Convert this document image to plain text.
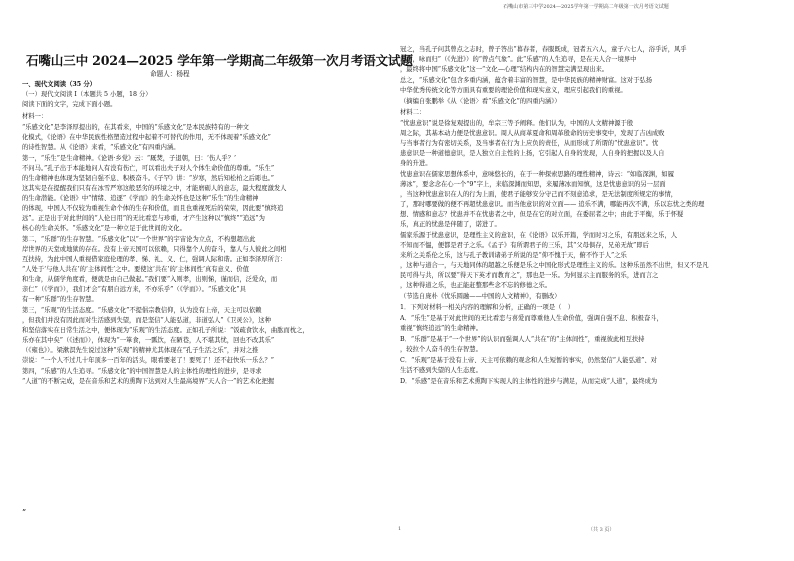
石嘴山市第三中学2024—2025学年第一学期高二年级第一次月考语文试题
石嘴山三中 2024—2025 学年第一学期高二年级第一次月考语文试题
命题人：杨程
一、现代文阅读（35 分）
（一）现代文阅读 I（本题共 5 小题，18 分）
阅读下面的文字，完成下面小题。
材料一：
“乐感文化”是李泽厚提出的，在其看来，中国的“乐感文化”是本民族特有的一种文
化模式，《论语》在中华民族性格塑造过程中起着不可替代的作用，无不体现着“乐感文化”
的诗性智慧。从《论语》来看，“乐感文化”有四重内涵。
第一，“乐生”是生命精神。《论语·乡党》云：“厩焚，子退朝，曰：‘伤人乎？’
不问马。”孔子出于本能地问人有没有伤亡，可以看出夫子对人个体生命价值的尊重。“乐生”
的生命精神也体现为坚韧自强不息、积极奋斗。《子罕》讲：“岁寒，然后知松柏之后彫也。”
这其实是在提醒我们只有在冰雪严寒这般恶劣的环境之中，才能磨砺人的意志，最大程度激发人
的生命潜能。《论语》中“情绪、追逐”《学而》的生命关怀也是这种“乐生”的生命精神
的体现，中国人不仅较为重视生命个体的生存和价值，而且也重视死后的荣荣，因此要“慎终追
远”。正是出于对此世间的“人伦日用”的无比看恋与珍重，才产生这种以“慎终”“追远”为
核心的生命关怀。“乐感文化”是一种立足于此世间的文化。
第二，“乐群”的生存智慧。“乐感文化”以“一个世界”的宇宙论为立点，不构想超出此
岸世界的天堂或地狱的存在。没有上帝天国可以依赖，只得靠个人的奋斗，靠人与人彼此之间相
互扶持，为此中国人重视借家庭伦理的孝、悌、礼、义、仁，强调人际和谐。正如李泽厚所言：
“人处于‘与他人共在’的‘主体间性’之中。要使这‘共在’的‘主体间性’真有意义、价值
和生命，从儒学角度看，便就是由自己做起。”我们要“入则孝，出则悌，谨而信，泛爱众，而
亲仁”（《学而》），我们才会“有朋自远方来，不亦乐乎”（《学而》）。“乐感文化”具
有一种“乐群”的生存智慧。
第三，“乐观”的生活态度。“乐感文化”不提倡宗教信仰，认为没有上帝，天主可以依赖
，但我们并没有因此而对生活感到失望，而是坚信“人能弘道，非道弘人”《卫灵公》，这种
和坚信落实在日常生活之中，便体现为“乐观”的生活态度。正如孔子所说：“饭疏食饮水，曲肱而枕之，
乐亦在其中矣”（《述而》），体现为“一箪食，一瓢饮，在陋巷，人不堪其忧，回也不改其乐”
（《雍也》）。梁漱溟先生说过这种“乐观”的精神尤其体现在“孔子生活之乐”，并对之推
崇说：“一个人不过几十年顶多一百年的活头，眼看要老了！要死了！还不赶快乐一乐么？”
第四，“乐感”的人生追寻。“乐感文化”的中国智慧是人的主体性的理性的进步，是寻求
“人道”的不断完成，是在音乐和艺术的熏陶下达到对人生最高境界“天人合一”的艺术化把握
冠之，当孔子问其曾点之志时，曾子答出“暮春者，春服既成，冠者五六人，童子六七人，浴乎沂，风乎
舞雩，咏而归”（《先进》）的“曾点气象”。此“乐感”的人生追寻，是在天人合一境界中
，最终将中国“乐感文化”这一“文化—心理”结构内在的智慧完满呈现出来。
总之，“乐感文化”包含多重内涵，蕴含着丰富的智慧，是中华民族的精神财富。这对于弘扬
中华优秀传统文化等方面具有重要的理论价值和现实意义，理应引起我们的重视。
（摘编自张鹏举《从〈论语〉看“乐感文化”的四重内涵》）
材料二：
“忧患意识”说是徐复观提出的，牟宗三等予阐释。他们认为，中国的人文精神源于殷
周之际，其基本动力便是忧患意识。周人从商革夏命和周革殷命的历史事变中，发现了吉凶成败
与当事者行为有密切关系，及当事者在行为上应负的责任，从而形成了所谓的“忧患意识”。忧
患意识是一种道德意识，是人独立自主性的上扬，它引起人自身的发现，人自身的把握以及人自
身的升进。
忧患意识在儒家思想体系中，意味悠长的，在于一种探索思路的理性精神，诗云：“如临深渊，如履
薄冰”，要念念在心一个“9”字上，来临深渊而知思，来履薄冰而知慎，这是忧患意识的另一层面
，当这种忧患意识在人的行为上面，使君子能够安分守己而不刻意追求，是无法制度所规定的事情，
了，那时哪要做的便不再超忧患意识。而当他意识的对立面—— 追乐不满，哪能再次不满，乐以忘忧之类的理
想、情感和意志？忧患并不在忧患者之中，但是在它的对立面，在委屈者之中；由此于平衡，乐于怀疑
乐，真正的忧患是伴随了，诺进了。
儒家乐源于忧患意识，是理性主义的意识，在《论语》以乐开篇，学而时习之乐，有朋远来之乐，人
不知而不愠，便都是君子之乐。《孟子》有所谓君子的三乐，其“父母俱存，兄弟无故”即后
来所之关系伦之乐，这与孔子教训诸弟子所说的是“仰不愧于天，俯不怍于人”之乐
，这种与道合一，与天地同体的超越之乐便是乐之中国化形式是理性主义的乐。这种乐虽然不出世，但又不是凡
民可得与共，所以要“得天下英才而教育之”，那也是一乐。为何显示主而服务的乐，进而言之
，这种得道之乐，也正能赶整那些念不忘的修德之乐。
（节选自庞朴《忧乐圆融——中国的人文精神》，有删改）
1．下列对材料一相关内容的理解和分析，正确的一项是（　）
A．“乐生”是基于对此世间的无比看恋与喜爱而尊重他人生命价值，强调自强不息、积极奋斗，
重视“慎终追远”的生命精神。
B．“乐群”是基于“一个世界”的认识而强调人人“共在”的“主体间性”，重视彼此相互扶持
，较拉个人奋斗的生存智慧。
C．“乐观”是基于没有上帝、天主可依赖的观念和人生短暂的事实，仍然坚信“人能弘道”、对
生活不感到失望的人生态度。
D．“乐感”是在音乐和艺术熏陶下实现人的主体性的进步与满足，从而完成“人道”，最终成为
”
1	（共 3 页）
